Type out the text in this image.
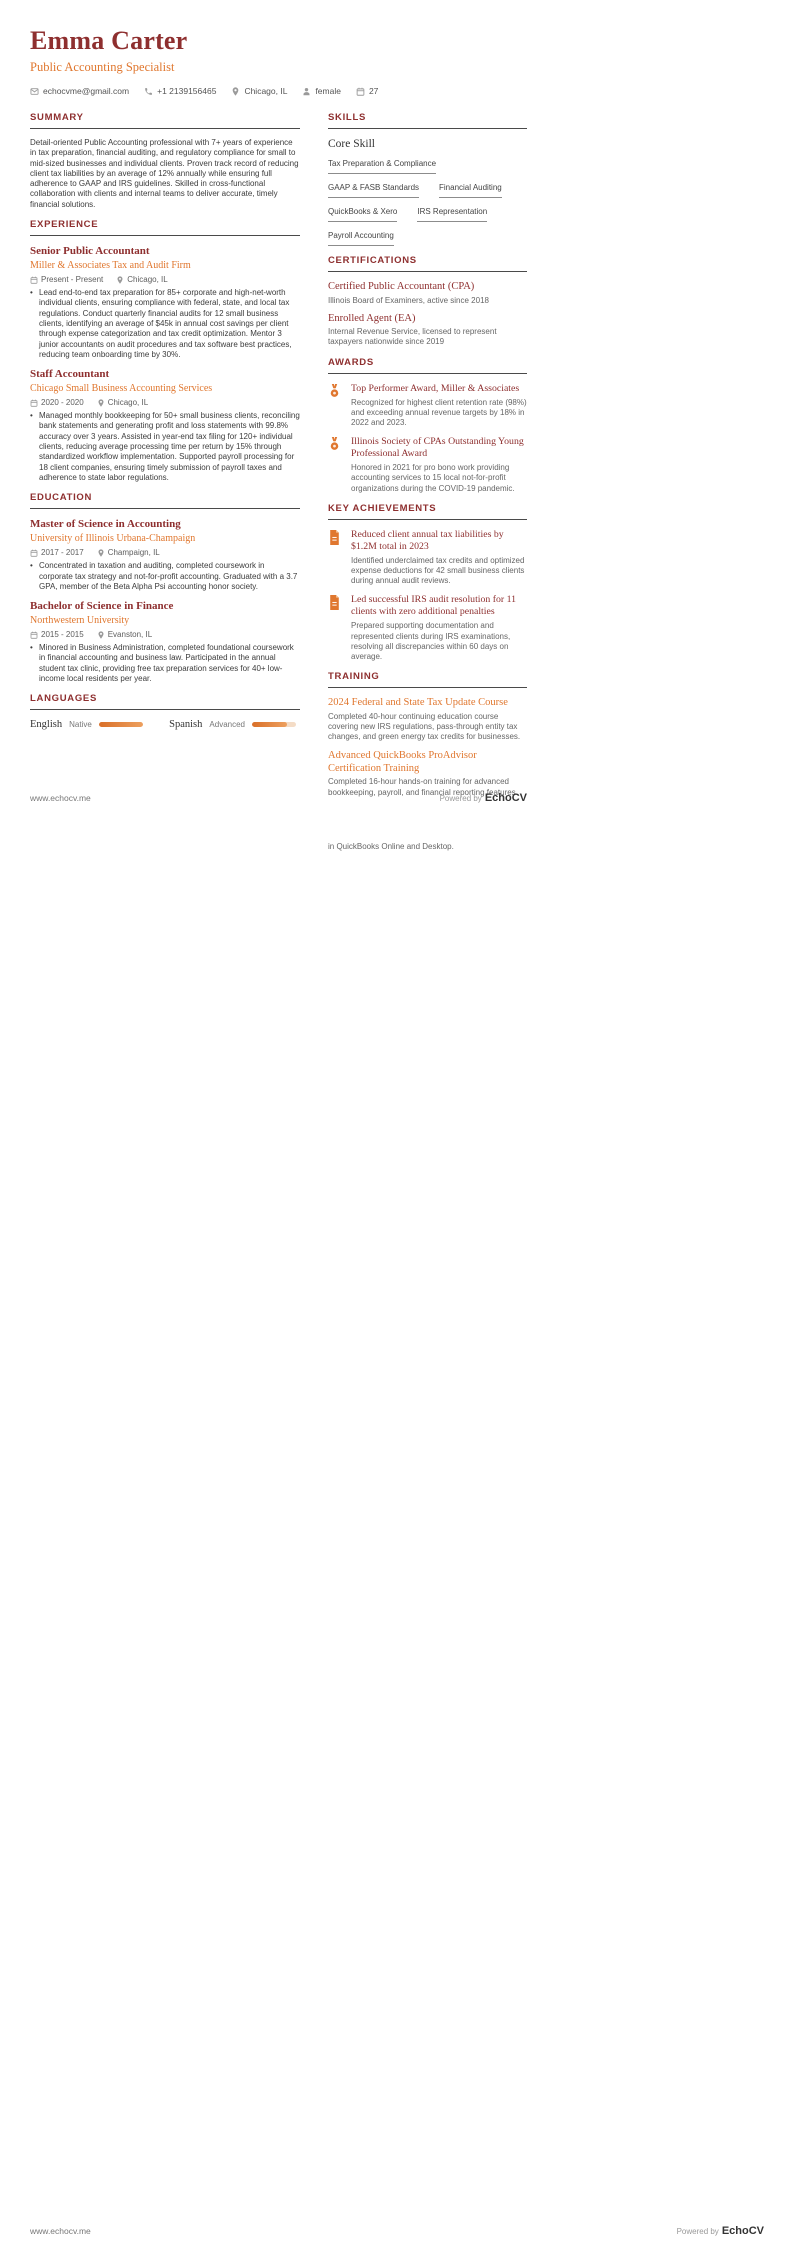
Emma Carter
Public Accounting Specialist
echocvme@gmail.com	+1 2139156465	Chicago, IL	female	27
SUMMARY

Detail-oriented Public Accounting professional with 7+ years of experience in tax preparation, financial auditing, and regulatory compliance for small to mid-sized businesses and individual clients. Proven track record of reducing client tax liabilities by an average of 12% annually while ensuring full adherence to GAAP and IRS guidelines. Skilled in cross-functional collaboration with clients and internal teams to deliver accurate, timely financial solutions.

EXPERIENCE
Senior Public Accountant
Miller & Associates Tax and Audit Firm
Present - Present	Chicago, IL
• Lead end-to-end tax preparation for 85+ corporate and high-net-worth individual clients, ensuring compliance with federal, state, and local tax regulations. Conduct quarterly financial audits for 12 small business clients, identifying an average of $45k in annual cost savings per client through expense categorization and tax credit optimization. Mentor 3 junior accountants on audit procedures and tax software best practices, reducing team onboarding time by 30%.
Staff Accountant
Chicago Small Business Accounting Services
2020 - 2020	Chicago, IL
• Managed monthly bookkeeping for 50+ small business clients, reconciling bank statements and generating profit and loss statements with 99.8% accuracy over 3 years. Assisted in year-end tax filing for 120+ individual clients, reducing average processing time per return by 15% through standardized workflow implementation. Supported payroll processing for 18 client companies, ensuring timely submission of payroll taxes and adherence to state labor regulations.
EDUCATION
Master of Science in Accounting
University of Illinois Urbana-Champaign
2017 - 2017	Champaign, IL
• Concentrated in taxation and auditing, completed coursework in corporate tax strategy and not-for-profit accounting. Graduated with a 3.7 GPA, member of the Beta Alpha Psi accounting honor society.
Bachelor of Science in Finance
Northwestern University
2015 - 2015	Evanston, IL
• Minored in Business Administration, completed foundational coursework in financial accounting and business law. Participated in the annual student tax clinic, providing free tax preparation services for 40+ low-income local residents per year.
LANGUAGES
English Native	Spanish Advanced
SKILLS
Core Skill
Tax Preparation & Compliance
GAAP & FASB Standards	Financial Auditing
QuickBooks & Xero	IRS Representation
Payroll Accounting
CERTIFICATIONS
Certified Public Accountant (CPA)
Illinois Board of Examiners, active since 2018
Enrolled Agent (EA)
Internal Revenue Service, licensed to represent taxpayers nationwide since 2019
AWARDS
Top Performer Award, Miller & Associates
Recognized for highest client retention rate (98%) and exceeding annual revenue targets by 18% in 2022 and 2023.
Illinois Society of CPAs Outstanding Young Professional Award
Honored in 2021 for pro bono work providing accounting services to 15 local not-for-profit organizations during the COVID-19 pandemic.
KEY ACHIEVEMENTS
Reduced client annual tax liabilities by $1.2M total in 2023
Identified underclaimed tax credits and optimized expense deductions for 42 small business clients during annual audit reviews.
Led successful IRS audit resolution for 11 clients with zero additional penalties
Prepared supporting documentation and represented clients during IRS examinations, resolving all discrepancies within 60 days on average.
TRAINING
2024 Federal and State Tax Update Course
Completed 40-hour continuing education course covering new IRS regulations, pass-through entity tax changes, and green energy tax credits for businesses.
Advanced QuickBooks ProAdvisor Certification Training
Completed 16-hour hands-on training for advanced bookkeeping, payroll, and financial reporting features
www.echocv.me	Powered by EchoCV
in QuickBooks Online and Desktop.
www.echocv.me	Powered by EchoCV
